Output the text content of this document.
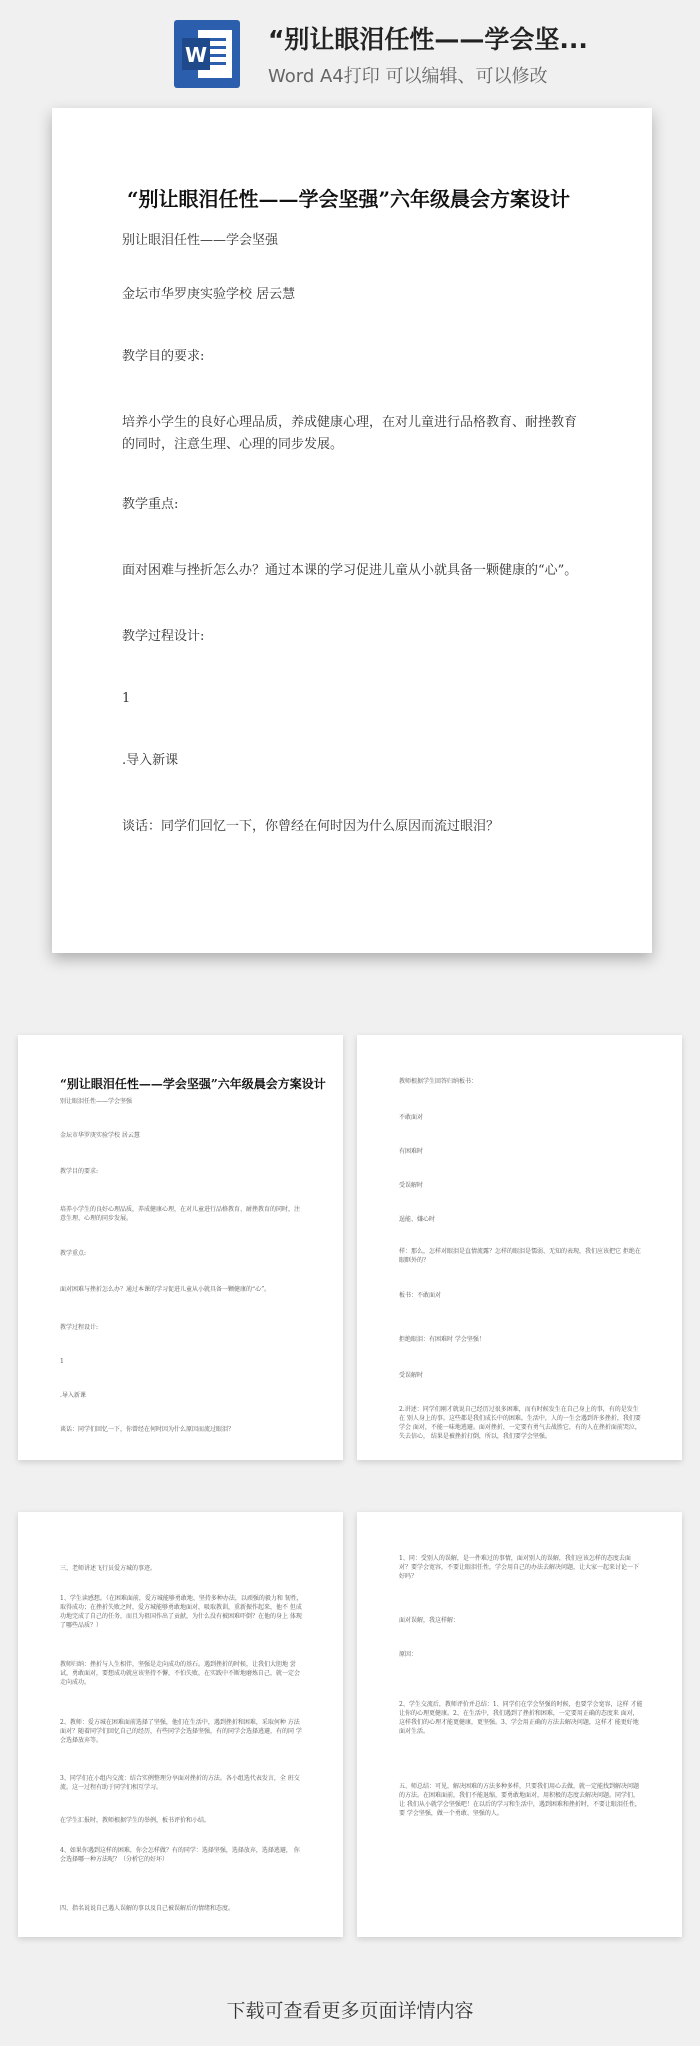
W
“别让眼泪任性——学会坚...
Word A4打印 可以编辑、可以修改
“别让眼泪任性——学会坚强”六年级晨会方案设计
别让眼泪任性——学会坚强
金坛市华罗庚实验学校 居云慧
教学目的要求:
培养小学生的良好心理品质，养成健康心理，在对儿童进行品格教育、耐挫教育的同时，注意生理、心理的同步发展。
教学重点:
面对困难与挫折怎么办？通过本课的学习促进儿童从小就具备一颗健康的“心”。
教学过程设计:
1
.导入新课
谈话：同学们回忆一下，你曾经在何时因为什么原因而流过眼泪？
“别让眼泪任性——学会坚强”六年级晨会方案设计
别让眼泪任性——学会坚强
金坛市华罗庚实验学校 居云慧
教学目的要求:
培养小学生的良好心理品质，养成健康心理，在对儿童进行品格教育、耐挫教育的同时，注意生理、心理的同步发展。
教学重点:
面对困难与挫折怎么办？通过本课的学习促进儿童从小就具备一颗健康的“心”。
教学过程设计:
1
.导入新课
谈话：同学们回忆一下，你曾经在何时因为什么原因而流过眼泪？
教师根据学生回答归纳板书：
不敢面对
有困难时
受误解时
逞能、嫌心时
样：那么，怎样对眼泪是直情流露？怎样的眼泪是懦弱、无知的表现，我们应该把它 拒绝在眼眶外的？
板书：不敢面对
拒绝眼泪：有困难时 学会坚强！
受误解时
2.讲述：同学们刚才就说自己经历过很多困难，而有时候发生在自己身上的事，有的是发生在 别人身上的事。这些都是我们成长中的困难。生活中，人的一生会遇到许多挫折，我们要学会 面对，不能一味地逃避。面对挫折，一定要有勇气去战胜它，有的人在挫折面前哭泣，失去信心， 结果是被挫折打倒，所以，我们要学会坚强。
三、老师讲述飞行员爱方城的事迹。
1、学生读感想。（在困难面前，爱方城能够勇敢地、坚持多种办法，以顽强的毅力和 韧性，取得成功；在挫折失败之时，爱方城能够勇敢地面对，吸取教训，重新振作起来，他不 但成功地完成了自己的任务，而且为祖国作出了贡献，为什么没有被困难吓倒？在他的身上 体现了哪些品质？）
教师归纳：挫折与人生相伴，坚强是走向成功的基石。遇到挫折的时候，让我们大胆地 尝试，勇敢面对，要想成功就应该坚持不懈，不怕失败，在实践中不断地磨炼自己，就一定会 走向成功。
2、教师：爱方城在困难面前选择了坚强，他们在生活中，遇到挫折和困难，采取何种 方法面对？随着同学们回忆自己的经历，有些同学会选择坚强，有的同学会选择逃避，有的同 学会选择放弃等。
3、同学们在小组内交流：结合实例整理分享面对挫折的方法。各小组选代表发言，全 班交流。这一过程有助于同学们相互学习。
在学生汇报时，教师根据学生的举例，板书评价和小结。
4、如果你遇到这样的困难，你会怎样做？有的同学：选择坚强，选择放弃，选择逃避， 你会选择哪一种方法呢？（分析它的好坏）
四、指名说说自己遇人误解的事以及自己被误解后的情绪和态度。
1、同：受别人的误解，是一件难过的事情，面对别人的误解，我们应该怎样的态度去面 对？要学会宽容，不要让眼泪任性，学会用自己的办法去解决问题，让大家一起来讨论一下好吗？
面对误解，我这样解：
原因：
2、学生交流后，教师评价并总结：1、同学们在学会坚强的时候，也要学会宽容，这样 才能让你的心理更健康。2、在生活中，我们遇到了挫折和困难，一定要用正确的态度来 面对，这样我们的心理才能更健康，更坚强。3、学会用正确的方法去解决问题，这样才 能更好地面对生活。
五、师总结：可见，解决困难的方法多种多样，只要我们用心去做，就一定能找到解决问题 的方法。在困难面前，我们不能退缩，要勇敢地面对，用积极的态度去解决问题。同学们，让 我们从小就学会坚强吧！在以后的学习和生活中，遇到困难和挫折时，不要让眼泪任性，要 学会坚强，做一个勇敢、坚强的人。
下载可查看更多页面详情内容
